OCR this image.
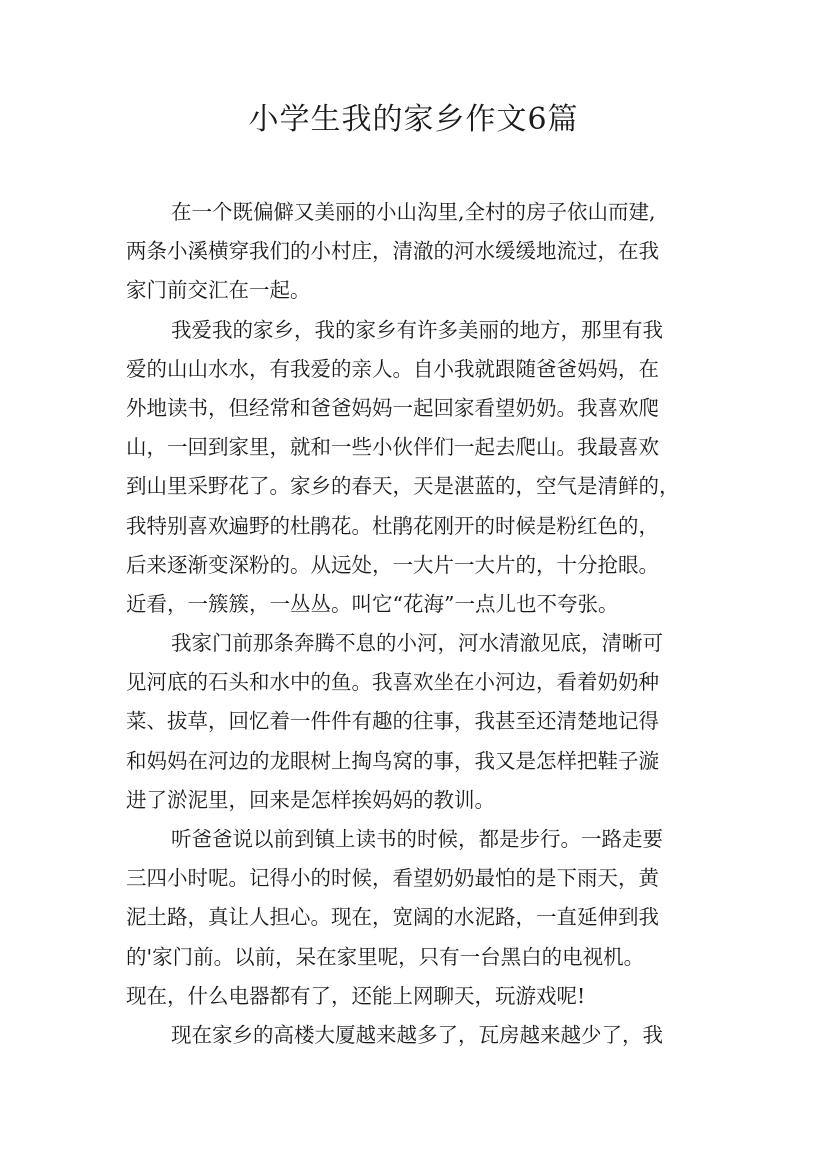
小学生我的家乡作文6篇

在一个既偏僻又美丽的小山沟里,全村的房子依山而建,
两条小溪横穿我们的小村庄，清澈的河水缓缓地流过，在我
家门前交汇在一起。

我爱我的家乡，我的家乡有许多美丽的地方，那里有我
爱的山山水水，有我爱的亲人。自小我就跟随爸爸妈妈，在
外地读书，但经常和爸爸妈妈一起回家看望奶奶。我喜欢爬
山，一回到家里，就和一些小伙伴们一起去爬山。我最喜欢
到山里采野花了。家乡的春天，天是湛蓝的，空气是清鲜的，
我特别喜欢遍野的杜鹃花。杜鹃花刚开的时候是粉红色的，
后来逐渐变深粉的。从远处，一大片一大片的，十分抢眼。
近看，一簇簇，一丛丛。叫它“花海”一点儿也不夸张。

我家门前那条奔腾不息的小河，河水清澈见底，清晰可
见河底的石头和水中的鱼。我喜欢坐在小河边，看着奶奶种
菜、拔草，回忆着一件件有趣的往事，我甚至还清楚地记得
和妈妈在河边的龙眼树上掏鸟窝的事，我又是怎样把鞋子漩
进了淤泥里，回来是怎样挨妈妈的教训。

听爸爸说以前到镇上读书的时候，都是步行。一路走要
三四小时呢。记得小的时候，看望奶奶最怕的是下雨天，黄
泥土路，真让人担心。现在，宽阔的水泥路，一直延伸到我
的'家门前。以前，呆在家里呢，只有一台黑白的电视机。
现在，什么电器都有了，还能上网聊天，玩游戏呢!

现在家乡的高楼大厦越来越多了，瓦房越来越少了，我
